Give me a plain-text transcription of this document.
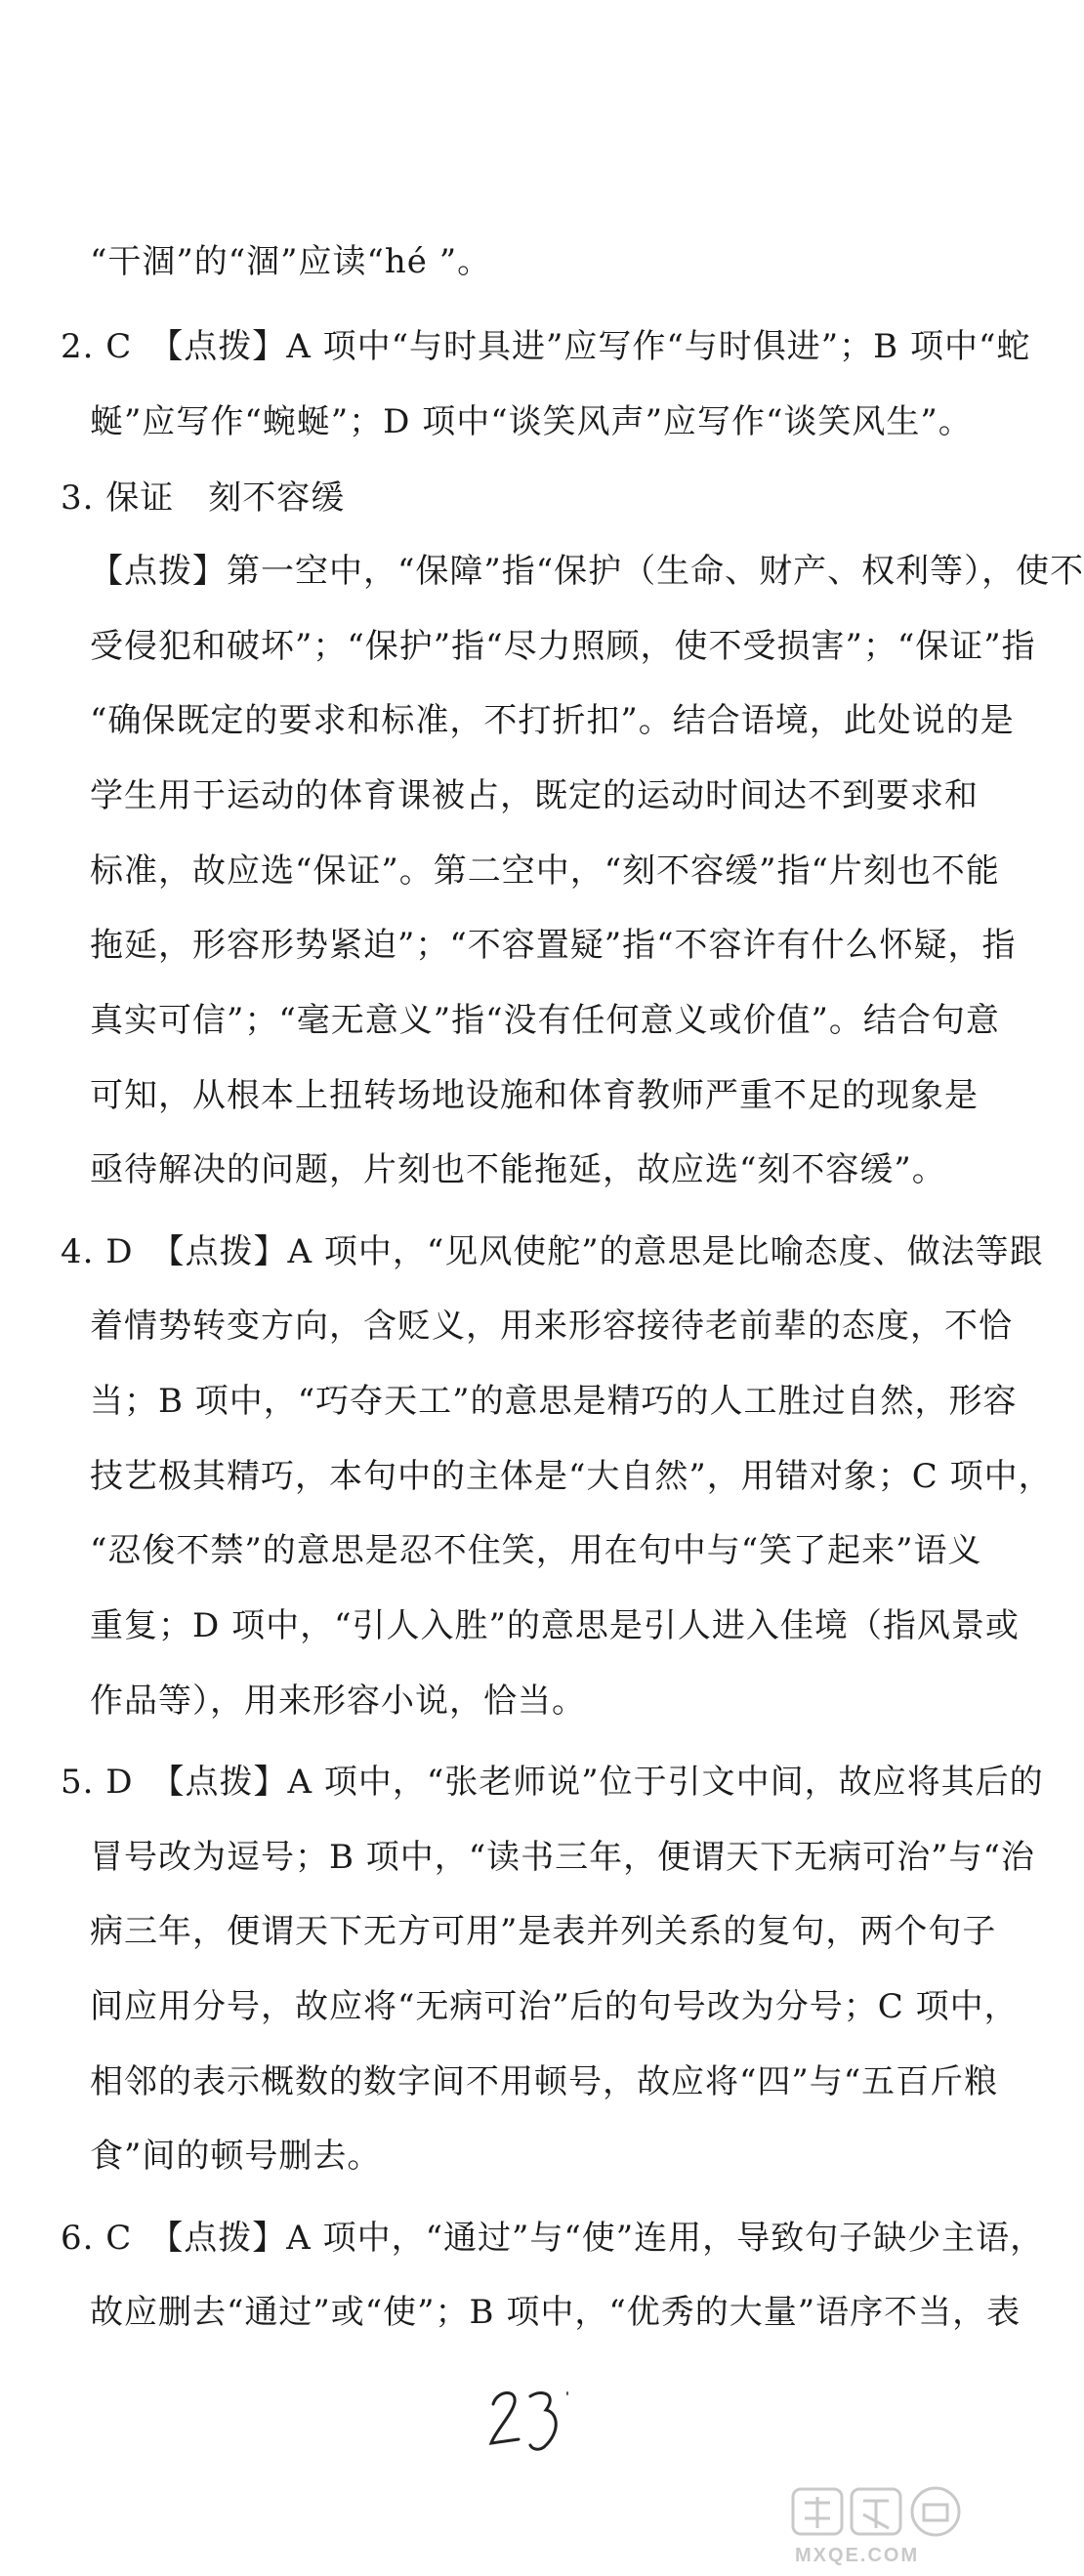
“干涸”的“涸”应读“hé ”。
2. C　【点拨】A 项中“与时具进”应写作“与时俱进”；B 项中“蛇
蜒”应写作“蜿蜒”；D 项中“谈笑风声”应写作“谈笑风生”。
3. 保证　刻不容缓
【点拨】第一空中，“保障”指“保护（生命、财产、权利等），使不
受侵犯和破坏”；“保护”指“尽力照顾，使不受损害”；“保证”指
“确保既定的要求和标准，不打折扣”。结合语境，此处说的是
学生用于运动的体育课被占，既定的运动时间达不到要求和
标准，故应选“保证”。第二空中，“刻不容缓”指“片刻也不能
拖延，形容形势紧迫”；“不容置疑”指“不容许有什么怀疑，指
真实可信”；“毫无意义”指“没有任何意义或价值”。结合句意
可知，从根本上扭转场地设施和体育教师严重不足的现象是
亟待解决的问题，片刻也不能拖延，故应选“刻不容缓”。
4. D　【点拨】A 项中，“见风使舵”的意思是比喻态度、做法等跟
着情势转变方向，含贬义，用来形容接待老前辈的态度，不恰
当；B 项中，“巧夺天工”的意思是精巧的人工胜过自然，形容
技艺极其精巧，本句中的主体是“大自然”，用错对象；C 项中，
“忍俊不禁”的意思是忍不住笑，用在句中与“笑了起来”语义
重复；D 项中，“引人入胜”的意思是引人进入佳境（指风景或
作品等），用来形容小说，恰当。
5. D　【点拨】A 项中，“张老师说”位于引文中间，故应将其后的
冒号改为逗号；B 项中，“读书三年，便谓天下无病可治”与“治
病三年，便谓天下无方可用”是表并列关系的复句，两个句子
间应用分号，故应将“无病可治”后的句号改为分号；C 项中，
相邻的表示概数的数字间不用顿号，故应将“四”与“五百斤粮
食”间的顿号删去。
6. C　【点拨】A 项中，“通过”与“使”连用，导致句子缺少主语，
故应删去“通过”或“使”；B 项中，“优秀的大量”语序不当，表
MXQE.COM
